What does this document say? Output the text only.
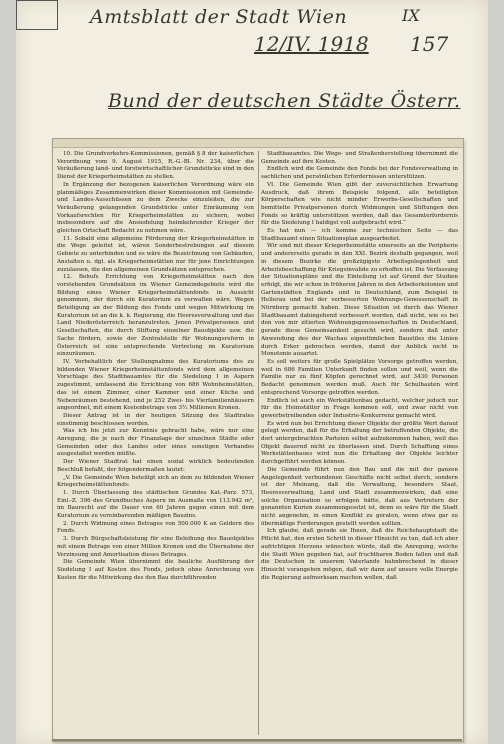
Amtsblatt der Stadt Wien	IX
12/IV. 1918 157
Bund der deutschen Städte Österr.

10. Die Grundverkehrs-Kommissionen, gemäß § 8 der kaiserlichen Verordnung vom 9. August 1915, R.-G.-Bl. Nr. 234, über die Veräußerung land- und forstwirtschaftlicher Grundstücke sind in den Dienst der Kriegerheimstätten zu stellen.

In Ergänzung der bezogenen kaiserlichen Verordnung wäre ein planmäßiges Zusammenwirken dieser Kommissionen mit Gemeinde- und Landes-Ausschüssen zu dem Zwecke einzuleiten, die zur Veräußerung gelangenden Grundstücke unter Einräumung von Vorkaufsrechten für Kriegerheimstätten zu sichern, wobei insbesondere auf die Ansiedelung heimkehrender Krieger der gleichen Ortschaft Bedacht zu nehmen wäre.

11. Sobald eine allgemeine Förderung der Kriegerheimstätten in die Wege geleitet ist, wären Sonderbestrebungen auf diesem Gebiete zu unterbinden und es wäre die Bezeichnung von Gebäuden, Anstalten u. dgl. als Kriegerheimstätten nur für jene Einrichtungen zuzulassen, die den allgemeinen Grundsätzen entsprechen.

12. Behufs Errichtung von Kriegerheimstätten nach den vorstehenden Grundsätzen im Wiener Gemeindegebiete wird die Bildung eines Wiener Kriegerheimstättenfonds in Aussicht genommen, der durch ein Kuratorium zu verwalten wäre. Wegen Beteiligung an der Bildung des Fonds und wegen Mitwirkung im Kuratorium ist an die k. k. Regierung, die Heeresverwaltung und das Land Niederösterreich heranzutreten. Jenen Privatpersonen und Gesellschaften, die durch Stiftung einzelner Bauobjekte usw. die Sache fördern, sowie der Zentralstelle für Wohnungsreform in Österreich ist eine entsprechende Vertretung im Kuratorium einzuräumen.

IV. Vorbehaltlich der Stellungnahme des Kuratoriums des zu bildenden Wiener Kriegerheimstättenfonds wird dem allgemeinen Vorschlage des Stadtbauamtes für die Siedelung I in Aspern zugestimmt, umfassend die Errichtung von 686 Wohnheimstätten, das ist einem Zimmer, einer Kammer und einer Küche und Nebenräumen bestehend, und je 252 Zwei- bis Vierfamilienhäusern angeordnet, mit einem Kostenbetrage von 3½ Millionen Kronen.

Dieser Antrag ist in der heutigen Sitzung des Stadtrates einstimmig beschlossen worden.

Was ich bis jetzt zur Kenntnis gebracht habe, wäre nur eine Anregung, die je nach der Finanzlage der einzelnen Städte oder Gemeinden oder des Landes oder eines sonstigen Verbandes ausgestaltet werden müßte.

Der Wiener Stadtrat hat einen sozial wirklich bedeutenden Beschluß befaßt, der folgendermaßen lautet:

„V. Die Gemeinde Wien beteiligt sich an dem zu bildenden Wiener Kriegerheimstättenfonds:

1. Durch Überlassung des städtischen Grundes Kat.-Parz. 573, Einl.-Z. 396 des Grundbuches Aspern im Ausmaße von 113.942 m², im Baurecht auf die Dauer von 60 Jahren gegen einen mit dem Kuratorium zu vereinbarenden mäßigen Bauzins.

2. Durch Widmung eines Betrages von 500.000 K an Geldern des Fonds.

3. Durch Bürgschaftsleistung für eine Beleihung des Bauobjektes mit einem Betrage von einer Million Kronen und die Übernahme der Verzinsung und Amortisation dieses Betrages.

Die Gemeinde Wien übernimmt die bauliche Ausführung der Siedelung I auf Kosten des Fonds, jedoch ohne Anrechnung von Kosten für die Mitwirkung des den Bau durchführenden

Stadtbauamtes. Die Wege- und Straßenherstellung übernimmt die Gemeinde auf ihre Kosten.

Endlich wird die Gemeinde den Fonds bei der Fondsverwaltung in sachlichen und persönlichen Erfordernissen unterstützen.

VI. Die Gemeinde Wien gibt der zuversichtlichen Erwartung Ausdruck, daß ihrem Beispiele folgend, alle beteiligten Körperschaften wie nicht minder Erwerbs-Gesellschaften und bemittelte Privatpersonen durch Widmungen und Stiftungen den Fonds so kräftig unterstützen werden, daß das Gesamterfordernis für die Siedelung I baldigst voll aufgebracht wird.“

Es hat nun — ich komme zur technischen Seite — das Stadtbauamt einen Situationsplan ausgearbeitet.

Wir sind mit dieser Kriegerheimstätte einerseits an die Peripherie und andererseits gerade in den XXI. Bezirk deshalb gegangen, weil in diesem Bezirke die großzügigste Arbeitsgelegenheit und Arbeitsbeschaffung für Kriegsinvalide zu erhoffen ist. Die Verfassung der Situationspläne und die Einteilung ist auf Grund der Studien erfolgt, die wir schon in früheren Jahren in den Arbeiterkolonien und Gartenstädten Englands und in Deutschland, zum Beispiel in Hellerau und bei der verbesserten Wohnungs-Genossenschaft in Nürnberg gemacht haben. Diese Situation ist durch das Wiener Stadtbauamt dahingehend verbessert worden, daß nicht, wie es bei den von mir zitierten Wohnungsgenossenschaften in Deutschland, gerade diese Gemeinsamkeit gesucht wird, sondern daß unter Anwendung des der Wachau eigentümlichen Baustiles die Linien durch Erker gebrochen werden, damit der Anblick nicht in Monotonie ausartet.

Es soll weiters für große Spielplätze Vorsorge getroffen werden, weil in 686 Familien Unterkunft finden sollen und weil, wenn die Familie nur zu fünf Köpfen gerechnet wird, auf 3430 Personen Bedacht genommen werden muß. Auch für Schulbauten wird entsprechend Vorsorge getroffen werden.

Endlich ist auch ein Werkstättenbau gedacht, welcher jedoch nur für die Heimstätter in Frage kommen soll, und zwar nicht von gewerbetreibenden oder Industrie-Konkurrenz gemacht wird.

Es wird nun bei Errichtung dieser Objekte der größte Wert darauf gelegt werden, daß für die Erhaltung der betreffenden Objekte, die dort untergebrachten Parteien selbst aufzukommen haben, weil das Objekt dauernd nicht zu überlassen sind. Durch Schaffung eines Werkstättenbaues wird nun die Erhaltung der Objekte leichter durchgeführt werden können.

Die Gemeinde führt nun den Bau und die mit der ganzen Angelegenheit verbundenen Geschäfte nicht selbst durch, sondern ist der Meinung, daß die Verwaltung, besonders Staat, Heeresverwaltung, Land und Stadt zusammenwirken, daß eine solche Organisation so erfolgen hätte, daß aus Vertretern der genannten Kurien zusammengesetzt ist, denn es wäre für die Stadt nicht angenehm, in einen Konflikt zu geraten, wenn etwa gar zu übermäßige Forderungen gestellt werden sollten.

Ich glaube, daß gerade sie Ihnen, daß die Reichshauptstadt die Pflicht hat, den ersten Schritt in dieser Hinsicht zu tun, daß ich aber aufrichtigen Herzens wünschen würde, daß die Anregung, welche die Stadt Wien gegeben hat, auf fruchtbaren Boden fallen und daß die Deutschen in unserem Vaterlande bahnbrechend in dieser Hinsicht vorangehen mögen, daß wir dann auf unsere volle Energie die Regierung aufmerksam machen wollen, daß
